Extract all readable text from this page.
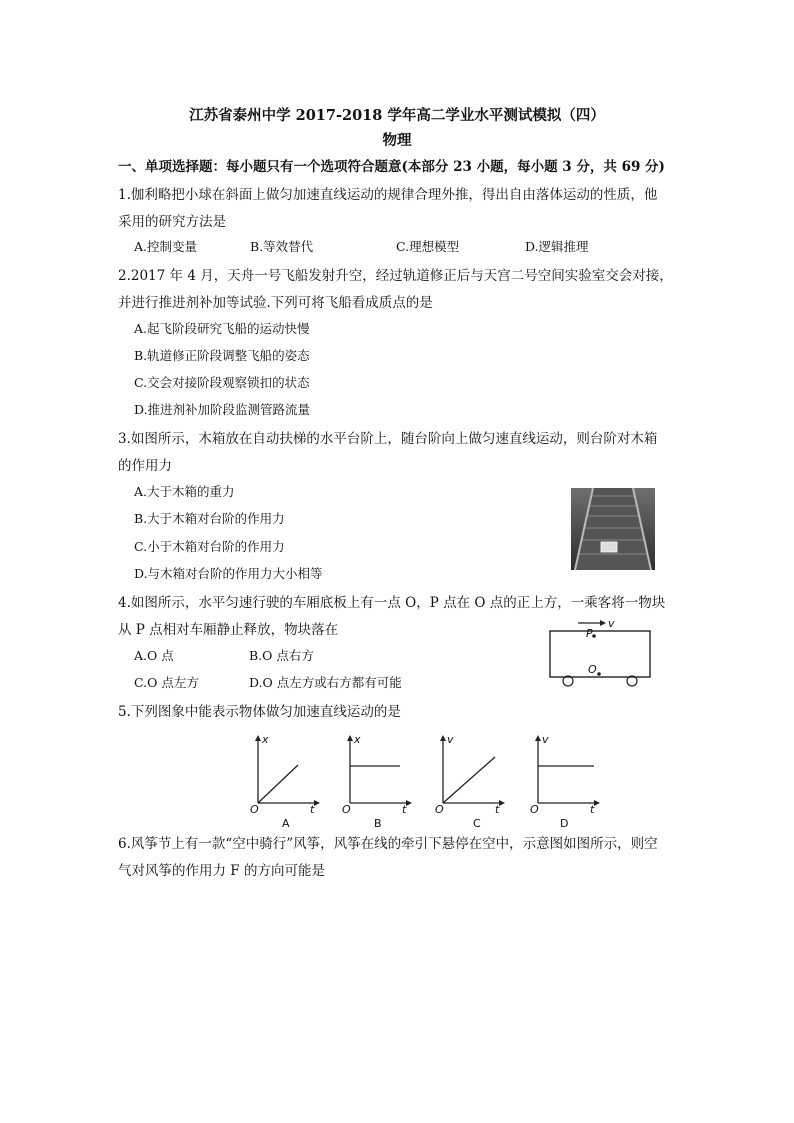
江苏省泰州中学 2017-2018 学年高二学业水平测试模拟（四）
物理
一、单项选择题：每小题只有一个选项符合题意(本部分 23 小题，每小题 3 分，共 69 分)
1.伽利略把小球在斜面上做匀加速直线运动的规律合理外推，得出自由落体运动的性质，他
采用的研究方法是
A.控制变量	B.等效替代	C.理想模型	D.逻辑推理
2.2017 年 4 月，天舟一号飞船发射升空，经过轨道修正后与天宫二号空间实验室交会对接，
并进行推进剂补加等试验.下列可将飞船看成质点的是
A.起飞阶段研究飞船的运动快慢
B.轨道修正阶段调整飞船的姿态
C.交会对接阶段观察锁扣的状态
D.推进剂补加阶段监测管路流量
3.如图所示，木箱放在自动扶梯的水平台阶上，随台阶向上做匀速直线运动，则台阶对木箱
的作用力
A.大于木箱的重力
B.大于木箱对台阶的作用力
C.小于木箱对台阶的作用力
D.与木箱对台阶的作用力大小相等
4.如图所示，水平匀速行驶的车厢底板上有一点 O，P 点在 O 点的正上方，一乘客将一物块
从 P 点相对车厢静止释放，物块落在
A.O 点	B.O 点右方
C.O 点左方	D.O 点左方或右方都有可能
v
P
O
5.下列图象中能表示物体做匀加速直线运动的是
x
t
O
A
x
t
O
B
v
t
O
C
v
t
O
D
6.风筝节上有一款“空中骑行”风筝，风筝在线的牵引下悬停在空中，示意图如图所示，则空
气对风筝的作用力 F 的方向可能是
